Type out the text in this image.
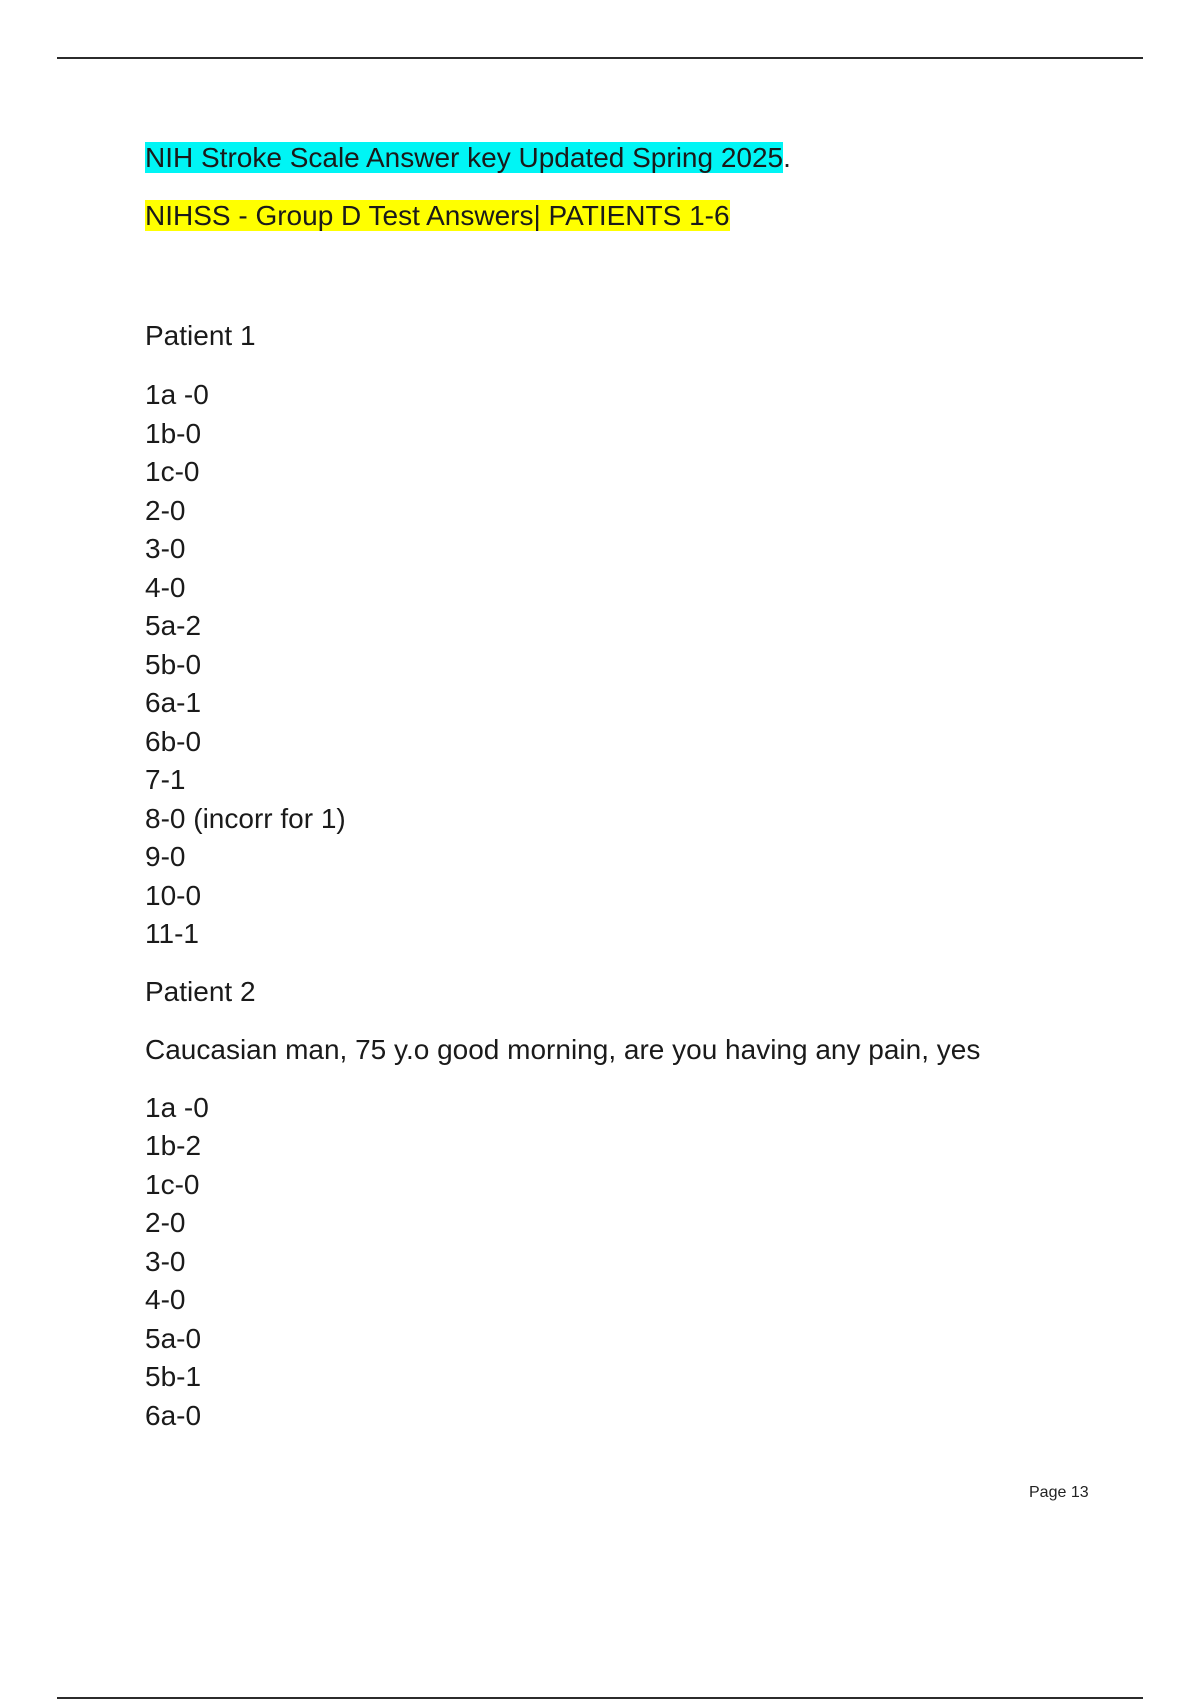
NIH Stroke Scale Answer key Updated Spring 2025.

NIHSS - Group D Test Answers| PATIENTS 1-6

Patient 1

1a -0
1b-0
1c-0
2-0
3-0
4-0
5a-2
5b-0
6a-1
6b-0
7-1
8-0 (incorr for 1)
9-0
10-0
11-1

Patient 2

Caucasian man, 75 y.o good morning, are you having any pain, yes

1a -0
1b-2
1c-0
2-0
3-0
4-0
5a-0
5b-1
6a-0
Page 13
